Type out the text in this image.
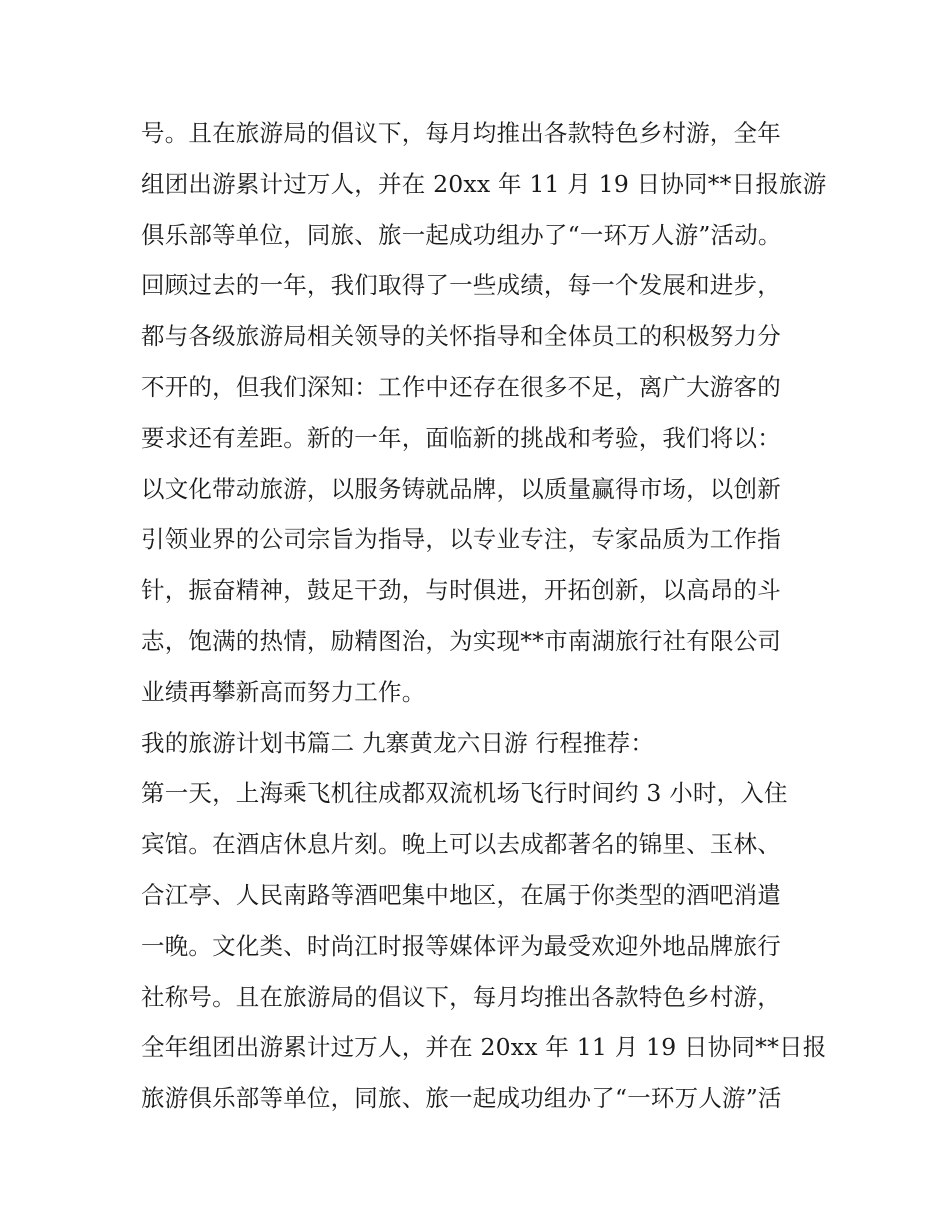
号。且在旅游局的倡议下，每月均推出各款特色乡村游，全年
组团出游累计过万人，并在 20xx 年 11 月 19 日协同**日报旅游
俱乐部等单位，同旅、旅一起成功组办了“一环万人游”活动。
回顾过去的一年，我们取得了一些成绩，每一个发展和进步，
都与各级旅游局相关领导的关怀指导和全体员工的积极努力分
不开的，但我们深知：工作中还存在很多不足，离广大游客的
要求还有差距。新的一年，面临新的挑战和考验，我们将以：
以文化带动旅游，以服务铸就品牌，以质量赢得市场，以创新
引领业界的公司宗旨为指导，以专业专注，专家品质为工作指
针，振奋精神，鼓足干劲，与时俱进，开拓创新，以高昂的斗
志，饱满的热情，励精图治，为实现**市南湖旅行社有限公司
业绩再攀新高而努力工作。
我的旅游计划书篇二 九寨黄龙六日游 行程推荐：
第一天，上海乘飞机往成都双流机场飞行时间约 3 小时，入住
宾馆。在酒店休息片刻。晚上可以去成都著名的锦里、玉林、
合江亭、人民南路等酒吧集中地区，在属于你类型的酒吧消遣
一晚。文化类、时尚江时报等媒体评为最受欢迎外地品牌旅行
社称号。且在旅游局的倡议下，每月均推出各款特色乡村游，
全年组团出游累计过万人，并在 20xx 年 11 月 19 日协同**日报
旅游俱乐部等单位，同旅、旅一起成功组办了“一环万人游”活
